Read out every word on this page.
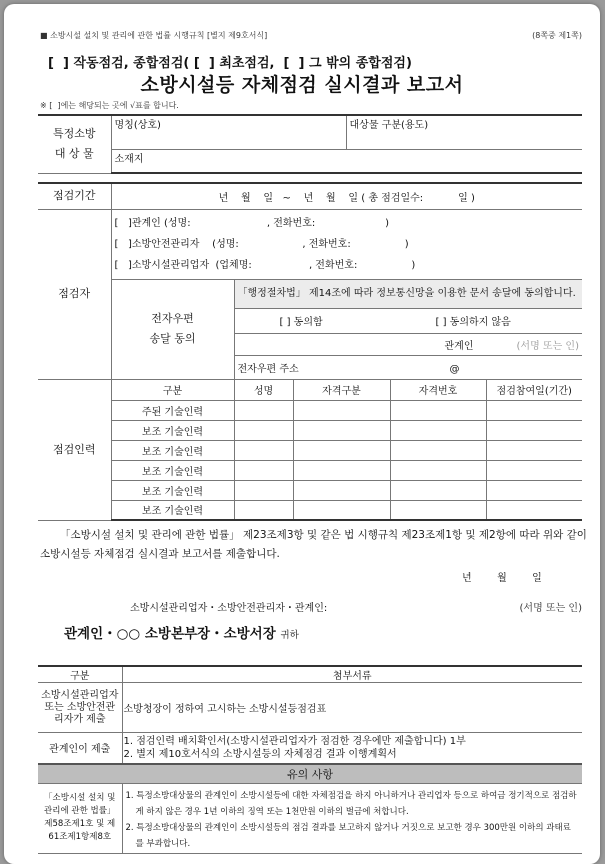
■ 소방시설 설치 및 관리에 관한 법률 시행규칙 [별지 제9호서식]	(8쪽중 제1쪽)
[  ] 작동점검, 종합점검( [  ] 최초점검,  [  ] 그 밖의 종합점검)
소방시설등 자체점검 실시결과 보고서
※ [  ]에는 해당되는 곳에 √표를 합니다.
특정소방
대 상 물
	명칭(상호)	대상물 구분(용도)
소재지
점검기간	년    월    일   ~    년    월    일 ( 총 점검일수:           일 )				
점검자	[   ]관계인 (성명:                        , 전화번호:                      )
[   ]소방안전관리자    (성명:                    , 전화번호:                 )
[   ]소방시설관리업자  (업체명:                  , 전화번호:                 )				

	전자우편
송달 동의	「행정절차법」 제14조에 따라 정보통신망을 이용한 문서 송달에 동의합니다.			
		[ ] 동의함 [ ] 동의하지 않음			
		관계인 (서명 또는 인)			

		전자우편 주소 @			
점검인력	구분	성명	자격구분	자격번호	점검참여일(기간)
	주된 기술인력				
	보조 기술인력				
	보조 기술인력				
	보조 기술인력				
	보조 기술인력				
	보조 기술인력				
「소방시설 설치 및 관리에 관한 법률」 제23조제3항 및 같은 법 시행규칙 제23조제1항 및 제2항에 따라 위와 같이 소방시설등 자체점검 실시결과 보고서를 제출합니다.
년        월        일
소방시설관리업자・소방안전관리자・관계인:	(서명 또는 인)
관계인・○○ 소방본부장・소방서장 귀하
구분	첨부서류
소방시설관리업자 또는 소방안전관리자가 제출	소방청장이 정하여 고시하는 소방시설등점검표
관계인이 제출	1. 점검인력 배치확인서(소방시설관리업자가 점검한 경우에만 제출합니다) 1부
2. 별지 제10호서식의 소방시설등의 자체점검 결과 이행계획서

유의 사항	
「소방시설 설치 및 관리에 관한 법률」 제58조제1호 및 제61조제1항제8호	1. 특정소방대상물의 관계인이 소방시설등에 대한 자체점검을 하지 아니하거나 관리업자 등으로 하여금 정기적으로 점검하게 하지 않은 경우 1년 이하의 징역 또는 1천만원 이하의 벌금에 처합니다.
2. 특정소방대상물의 관계인이 소방시설등의 점검 결과를 보고하지 않거나 거짓으로 보고한 경우 300만원 이하의 과태료를 부과합니다.
